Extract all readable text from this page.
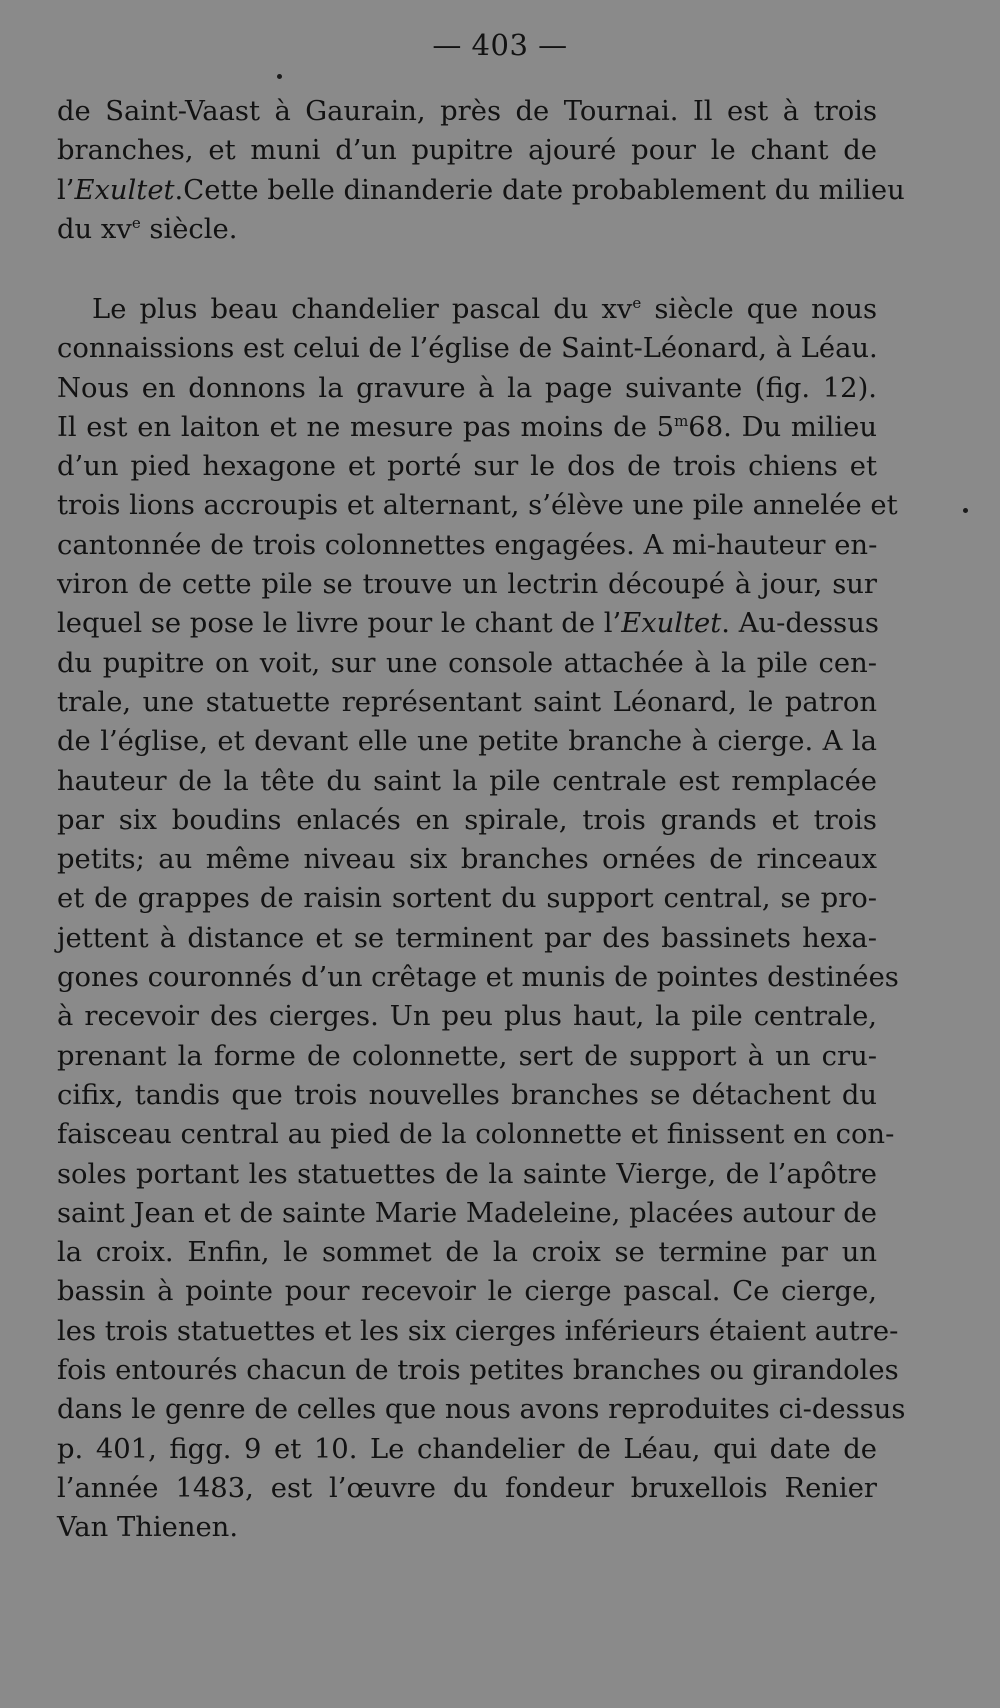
— 403 —
de Saint-Vaast à Gaurain, près de Tournai. Il est à trois
branches, et muni d’un pupitre ajouré pour le chant de
l’Exultet.Cette belle dinanderie date probablement du milieu
du $xv^e$ siècle.
Le plus beau chandelier pascal du $xv^e$ siècle que nous
connaissions est celui de l’église de Saint-Léonard, à Léau.
Nous en donnons la gravure à la page suivante (fig. 12).
Il est en laiton et ne mesure pas moins de 5$^m$68. Du milieu
d’un pied hexagone et porté sur le dos de trois chiens et
trois lions accroupis et alternant, s’élève une pile annelée et
cantonnée de trois colonnettes engagées. A mi-hauteur en-
viron de cette pile se trouve un lectrin découpé à jour, sur
lequel se pose le livre pour le chant de l’Exultet. Au-dessus
du pupitre on voit, sur une console attachée à la pile cen-
trale, une statuette représentant saint Léonard, le patron
de l’église, et devant elle une petite branche à cierge. A la
hauteur de la tête du saint la pile centrale est remplacée
par six boudins enlacés en spirale, trois grands et trois
petits; au même niveau six branches ornées de rinceaux
et de grappes de raisin sortent du support central, se pro-
jettent à distance et se terminent par des bassinets hexa-
gones couronnés d’un crêtage et munis de pointes destinées
à recevoir des cierges. Un peu plus haut, la pile centrale,
prenant la forme de colonnette, sert de support à un cru-
cifix, tandis que trois nouvelles branches se détachent du
faisceau central au pied de la colonnette et finissent en con-
soles portant les statuettes de la sainte Vierge, de l’apôtre
saint Jean et de sainte Marie Madeleine, placées autour de
la croix. Enfin, le sommet de la croix se termine par un
bassin à pointe pour recevoir le cierge pascal. Ce cierge,
les trois statuettes et les six cierges inférieurs étaient autre-
fois entourés chacun de trois petites branches ou girandoles
dans le genre de celles que nous avons reproduites ci-dessus
p. 401, figg. 9 et 10. Le chandelier de Léau, qui date de
l’année 1483, est l’œuvre du fondeur bruxellois Renier
Van Thienen.
